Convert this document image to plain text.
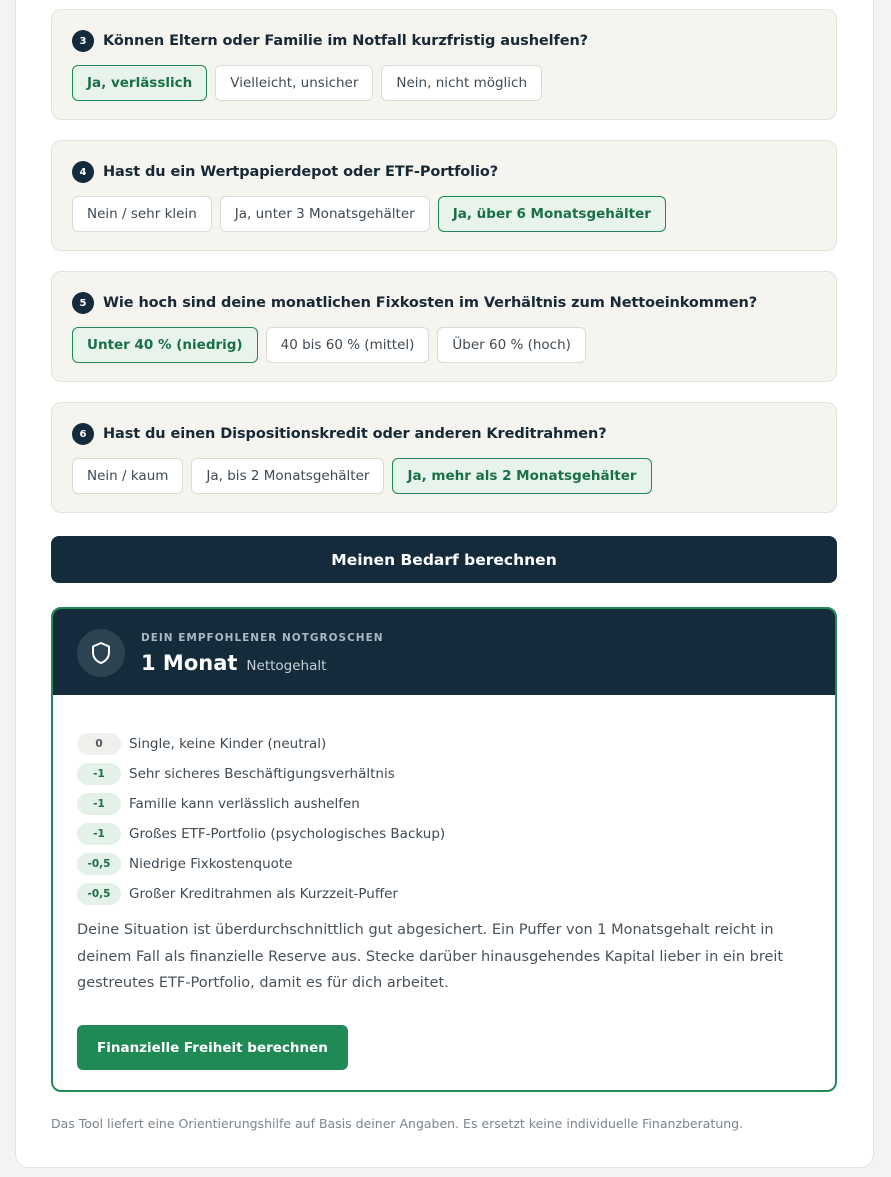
3	Können Eltern oder Familie im Notfall kurzfristig aushelfen?
Ja, verlässlich	Vielleicht, unsicher	Nein, nicht möglich
4	Hast du ein Wertpapierdepot oder ETF-Portfolio?
Nein / sehr klein	Ja, unter 3 Monatsgehälter	Ja, über 6 Monatsgehälter
5	Wie hoch sind deine monatlichen Fixkosten im Verhältnis zum Nettoeinkommen?
Unter 40 % (niedrig)	40 bis 60 % (mittel)	Über 60 % (hoch)
6	Hast du einen Dispositionskredit oder anderen Kreditrahmen?
Nein / kaum	Ja, bis 2 Monatsgehälter	Ja, mehr als 2 Monatsgehälter
Meinen Bedarf berechnen
DEIN EMPFOHLENER NOTGROSCHEN
1 Monat Nettogehalt
0	Single, keine Kinder (neutral)
-1	Sehr sicheres Beschäftigungsverhältnis
-1	Familie kann verlässlich aushelfen
-1	Großes ETF-Portfolio (psychologisches Backup)
-0,5	Niedrige Fixkostenquote
-0,5	Großer Kreditrahmen als Kurzzeit-Puffer

Deine Situation ist überdurchschnittlich gut abgesichert. Ein Puffer von 1 Monatsgehalt reicht in deinem Fall als finanzielle Reserve aus. Stecke darüber hinausgehendes Kapital lieber in ein breit gestreutes ETF-Portfolio, damit es für dich arbeitet.

Finanzielle Freiheit berechnen

Das Tool liefert eine Orientierungshilfe auf Basis deiner Angaben. Es ersetzt keine individuelle Finanzberatung.
